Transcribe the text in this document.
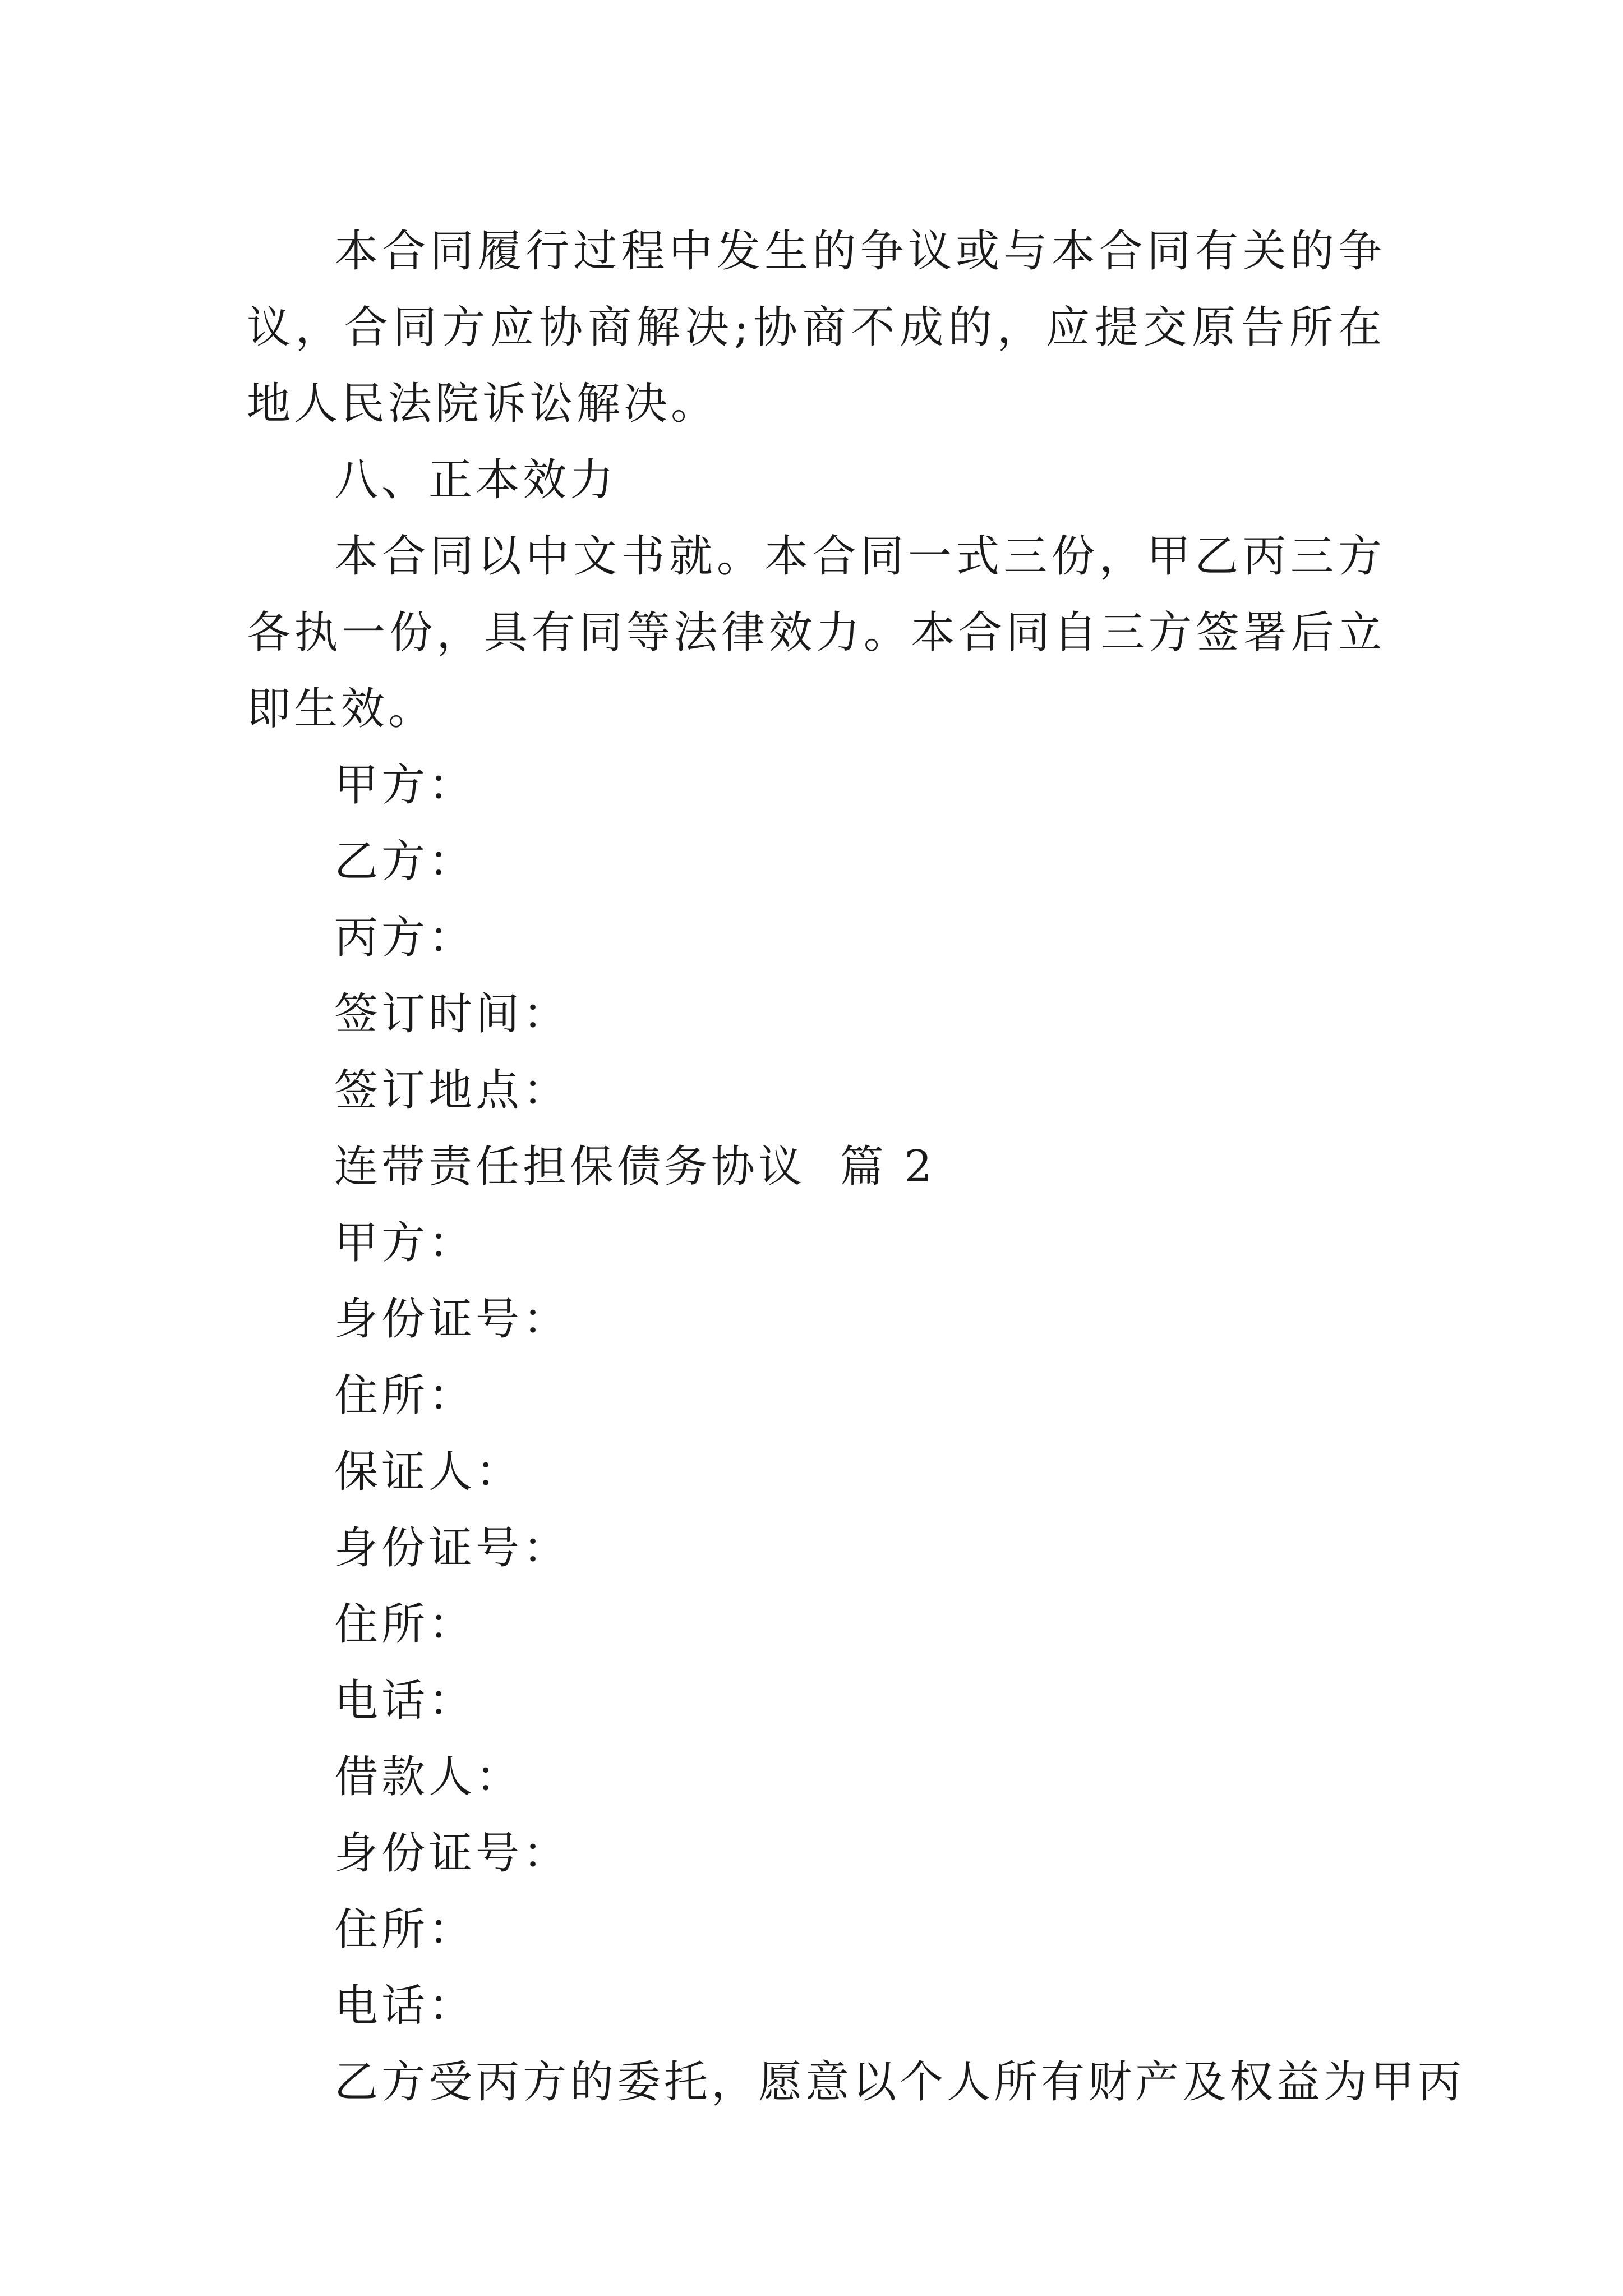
本合同履行过程中发生的争议或与本合同有关的争议，合同方应协商解决;协商不成的，应提交原告所在地人民法院诉讼解决。

八、正本效力

本合同以中文书就。本合同一式三份，甲乙丙三方各执一份，具有同等法律效力。本合同自三方签署后立即生效。

甲方：

乙方：

丙方：

签订时间：

签订地点：

连带责任担保债务协议  篇 2

甲方：

身份证号：

住所：

保证人：

身份证号：

住所：

电话：

借款人：

身份证号：

住所：

电话：

乙方受丙方的委托，愿意以个人所有财产及权益为甲丙
